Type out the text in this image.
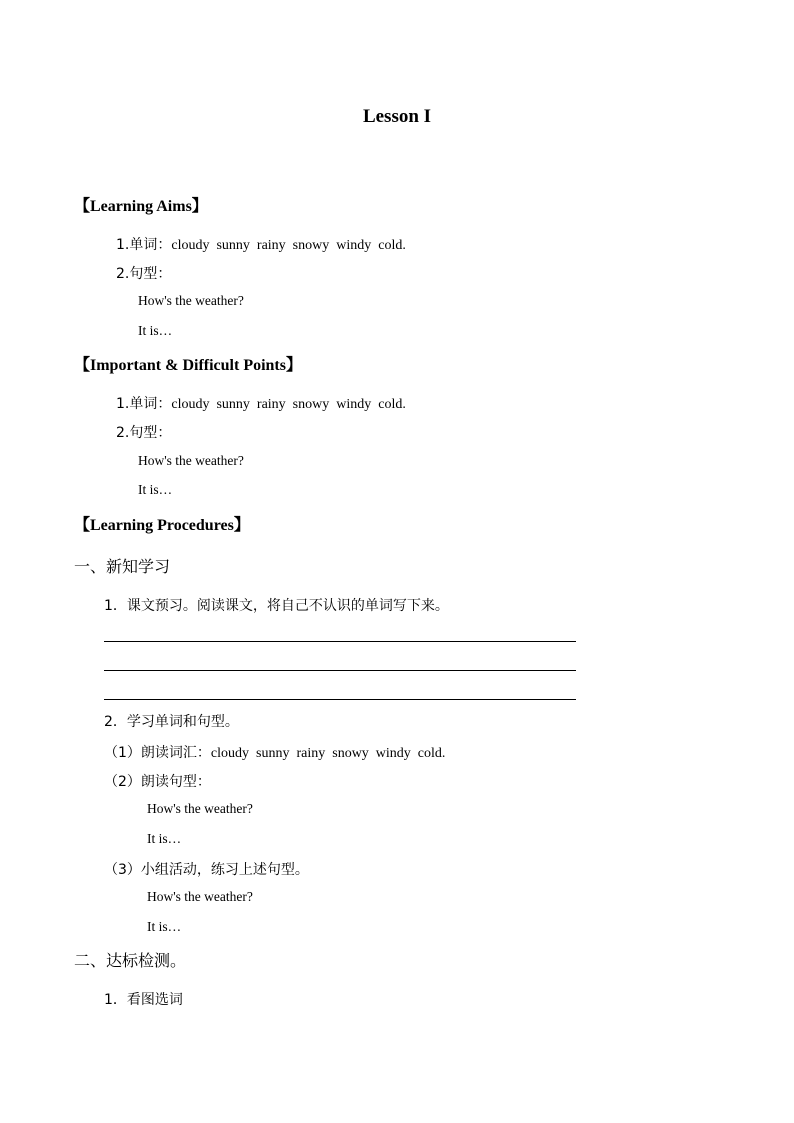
Lesson I
【Learning Aims】
1.单词：cloudy  sunny  rainy  snowy  windy  cold.
2.句型：
How's the weather?
It is…
【Important & Difficult Points】
1.单词：cloudy  sunny  rainy  snowy  windy  cold.
2.句型：
How's the weather?
It is…
【Learning Procedures】
一、新知学习
1．课文预习。阅读课文，将自己不认识的单词写下来。
2．学习单词和句型。
（1）朗读词汇：cloudy  sunny  rainy  snowy  windy  cold.
（2）朗读句型：
How's the weather?
It is…
（3）小组活动，练习上述句型。
How's the weather?
It is…
二、达标检测。
1．看图选词
